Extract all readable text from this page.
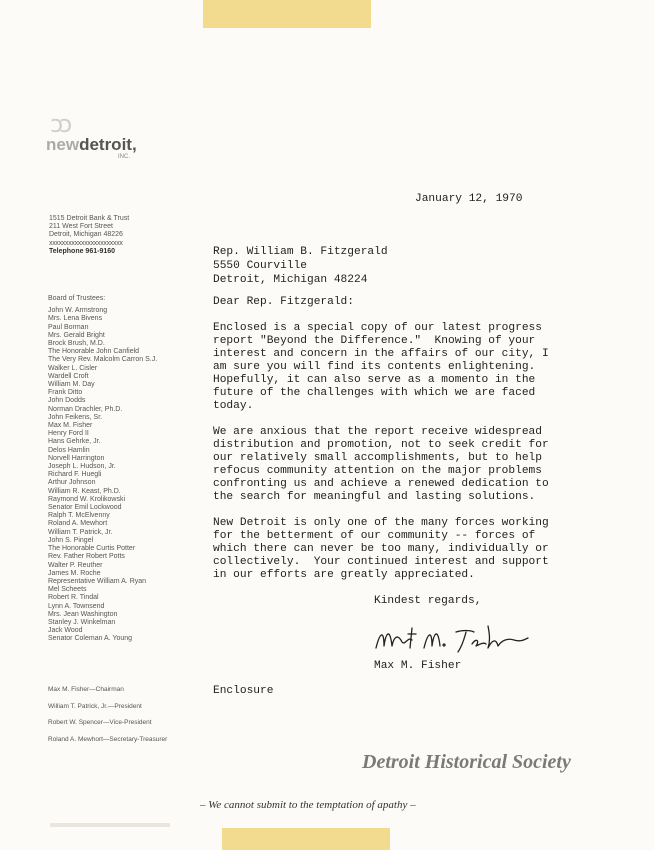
ɔɔ
newdetroit,
INC.
1515 Detroit Bank & Trust
211 West Fort Street
Detroit, Michigan 48226
xxxxxxxxxxxxxxxxxxxxxxx
Telephone 961-9160
Board of Trustees:
John W. Armstrong
Mrs. Lena Bivens
Paul Borman
Mrs. Gerald Bright
Brock Brush, M.D.
The Honorable John Canfield
The Very Rev. Malcolm Carron S.J.
Walker L. Cisler
Wardell Croft
William M. Day
Frank Ditto
John Dodds
Norman Drachler, Ph.D.
John Feikens, Sr.
Max M. Fisher
Henry Ford II
Hans Gehrke, Jr.
Delos Hamlin
Norvell Harrington
Joseph L. Hudson, Jr.
Richard F. Huegli
Arthur Johnson
William R. Keast, Ph.D.
Raymond W. Krolikowski
Senator Emil Lockwood
Ralph T. McElvenny
Roland A. Mewhort
William T. Patrick, Jr.
John S. Pingel
The Honorable Curtis Potter
Rev. Father Robert Potts
Walter P. Reuther
James M. Roche
Representative William A. Ryan
Mel Scheets
Robert R. Tindal
Lynn A. Townsend
Mrs. Jean Washington
Stanley J. Winkelman
Jack Wood
Senator Coleman A. Young
Max M. Fisher—Chairman
William T. Patrick, Jr.—President
Robert W. Spencer—Vice-President
Roland A. Mewhort—Secretary-Treasurer
January 12, 1970
Rep. William B. Fitzgerald
5550 Courville
Detroit, Michigan 48224
Dear Rep. Fitzgerald:
Enclosed is a special copy of our latest progress
report "Beyond the Difference."  Knowing of your
interest and concern in the affairs of our city, I
am sure you will find its contents enlightening.
Hopefully, it can also serve as a momento in the
future of the challenges with which we are faced
today.
We are anxious that the report receive widespread
distribution and promotion, not to seek credit for
our relatively small accomplishments, but to help
refocus community attention on the major problems
confronting us and achieve a renewed dedication to
the search for meaningful and lasting solutions.
New Detroit is only one of the many forces working
for the betterment of our community -- forces of
which there can never be too many, individually or
collectively.  Your continued interest and support
in our efforts are greatly appreciated.
Kindest regards,
Max M. Fisher
Enclosure
Detroit Historical Society
– We cannot submit to the temptation of apathy –
